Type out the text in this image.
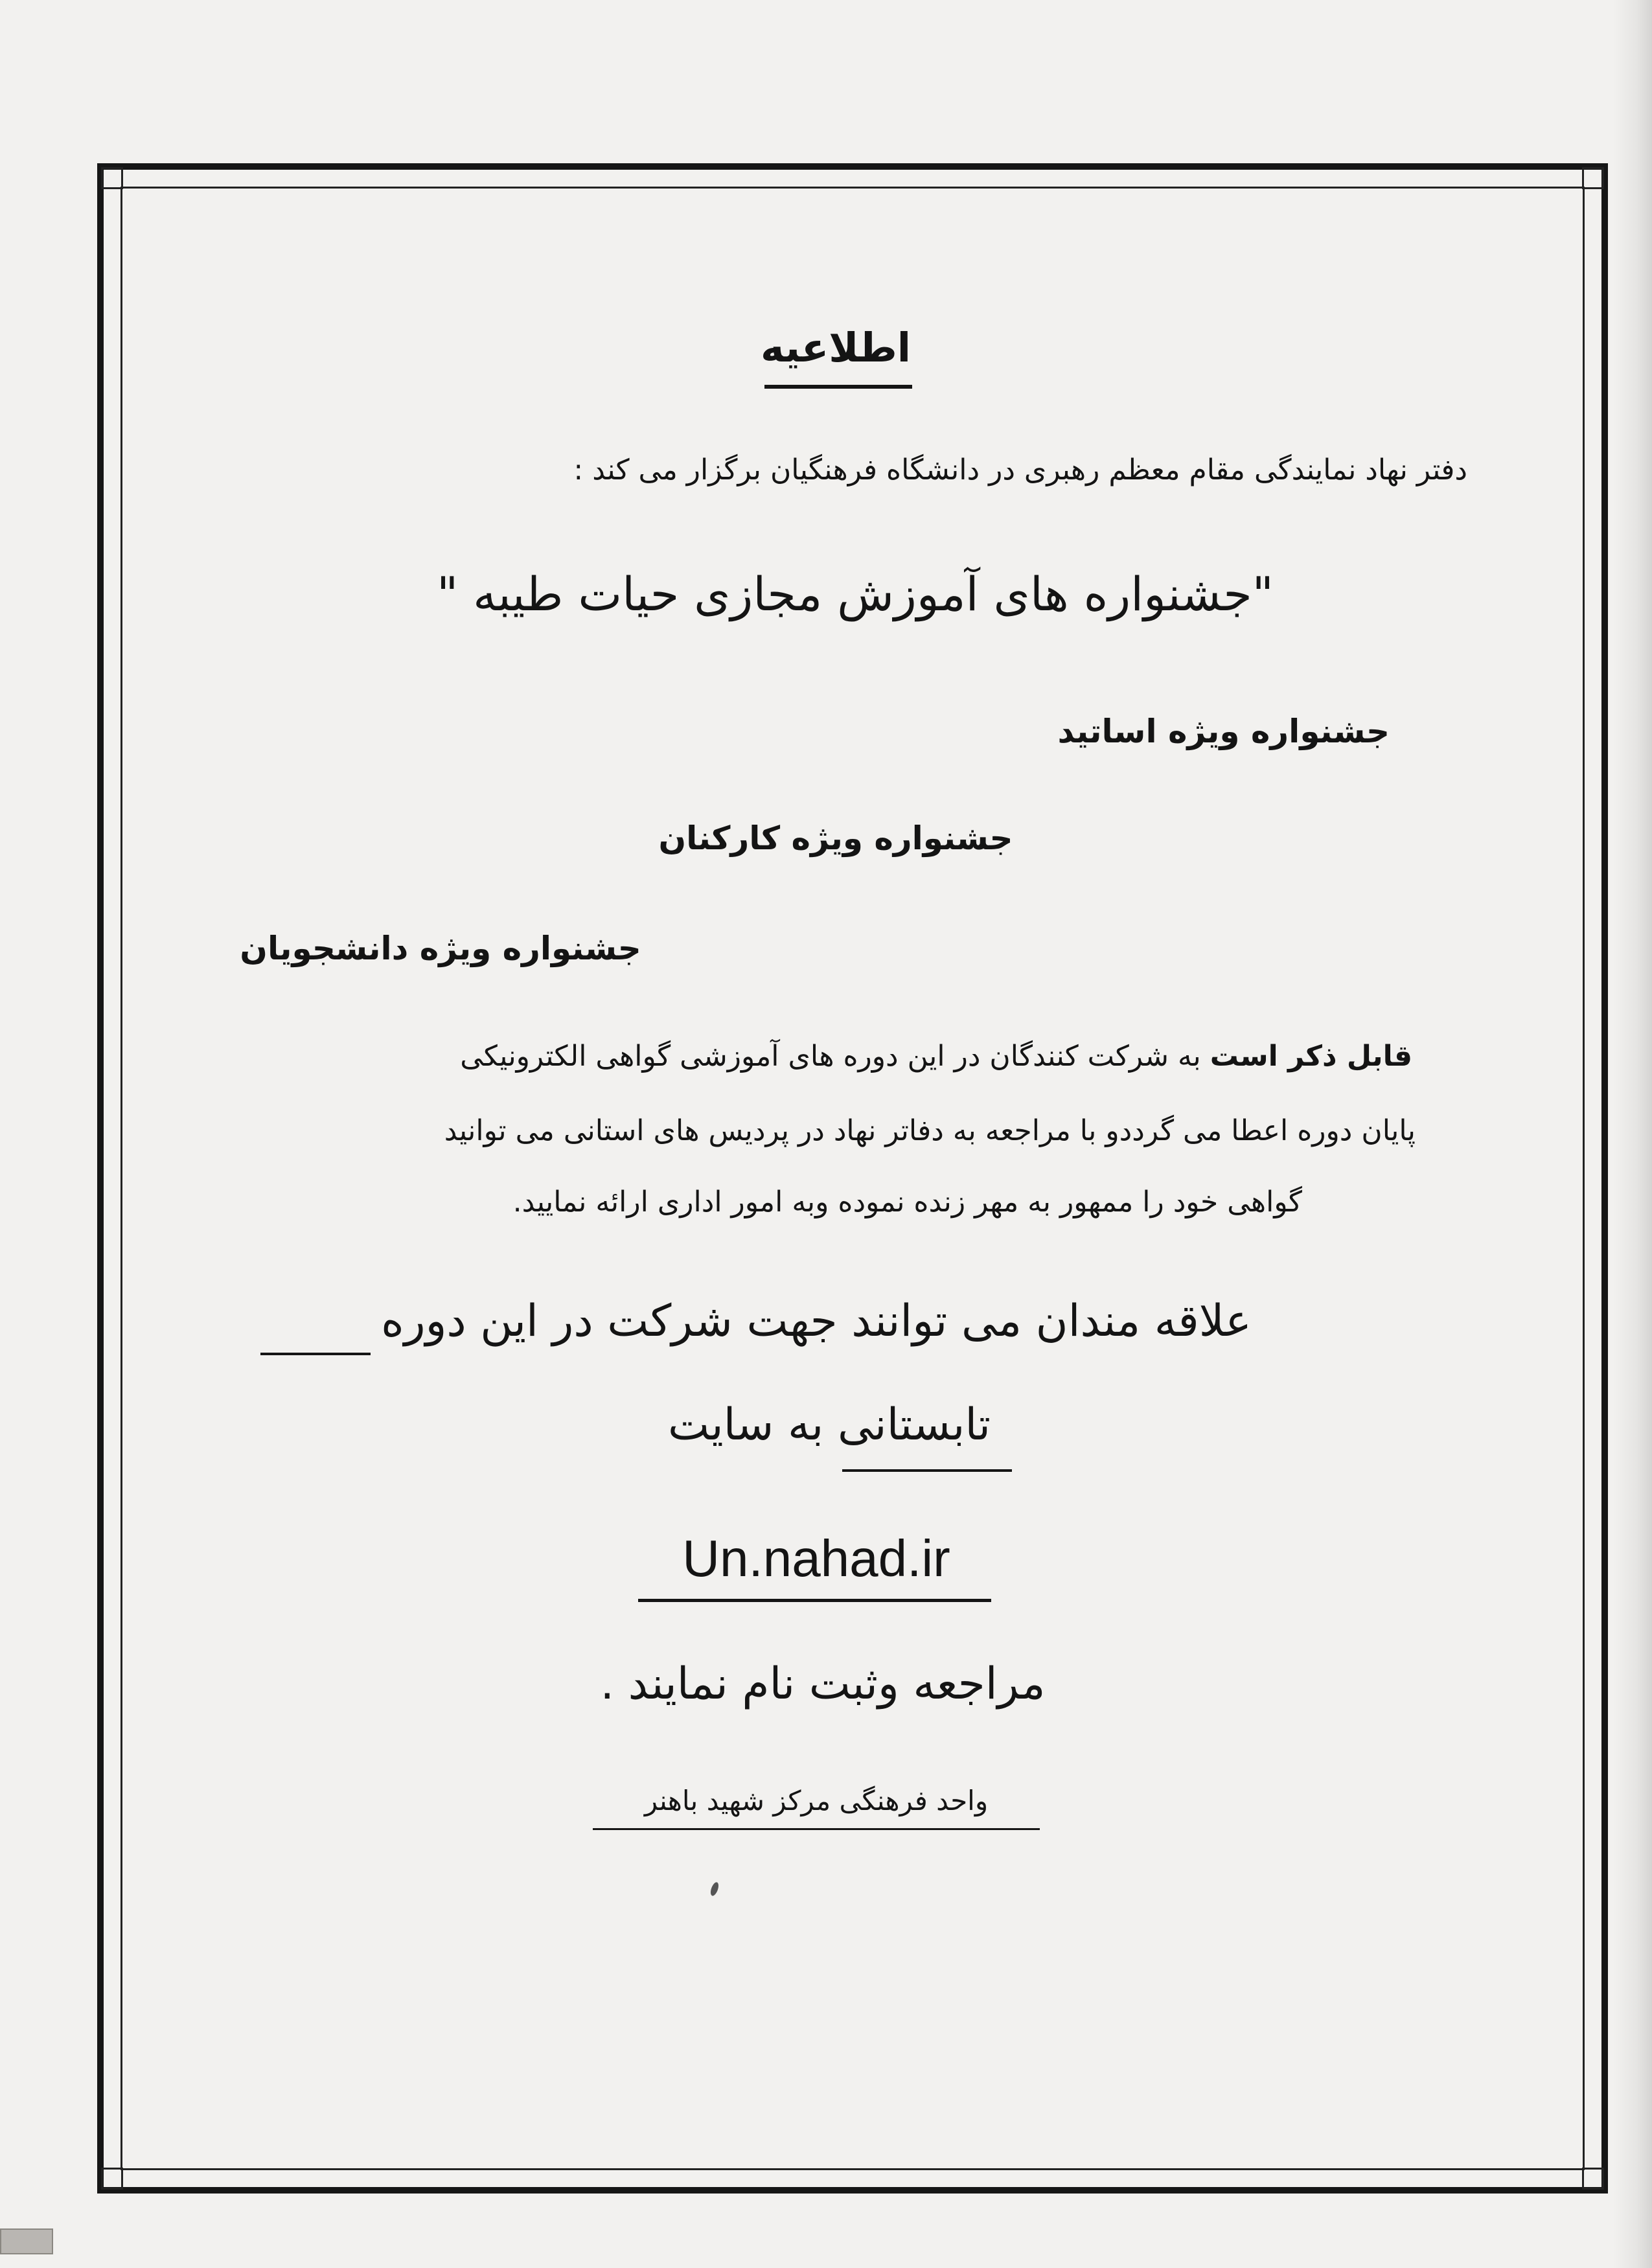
اطلاعیه
دفتر نهاد نمایندگی مقام معظم رهبری در دانشگاه فرهنگیان برگزار می کند :
"جشنواره های آموزش مجازی حیات طیبه "
جشنواره ویژه اساتید
جشنواره ویژه کارکنان
جشنواره ویژه دانشجویان
قابل ذکر است به شرکت کنندگان در این دوره های آموزشی گواهی الکترونیکی
پایان دوره اعطا می گرددو با مراجعه به دفاتر نهاد در پردیس های استانی می توانید
گواهی خود را ممهور به مهر زنده نموده وبه امور اداری ارائه نمایید.
علاقه مندان می توانند جهت شرکت در این دوره
تابستانی به سایت
Un.nahad.ir
مراجعه وثبت نام نمایند .
واحد فرهنگی مرکز شهید باهنر
